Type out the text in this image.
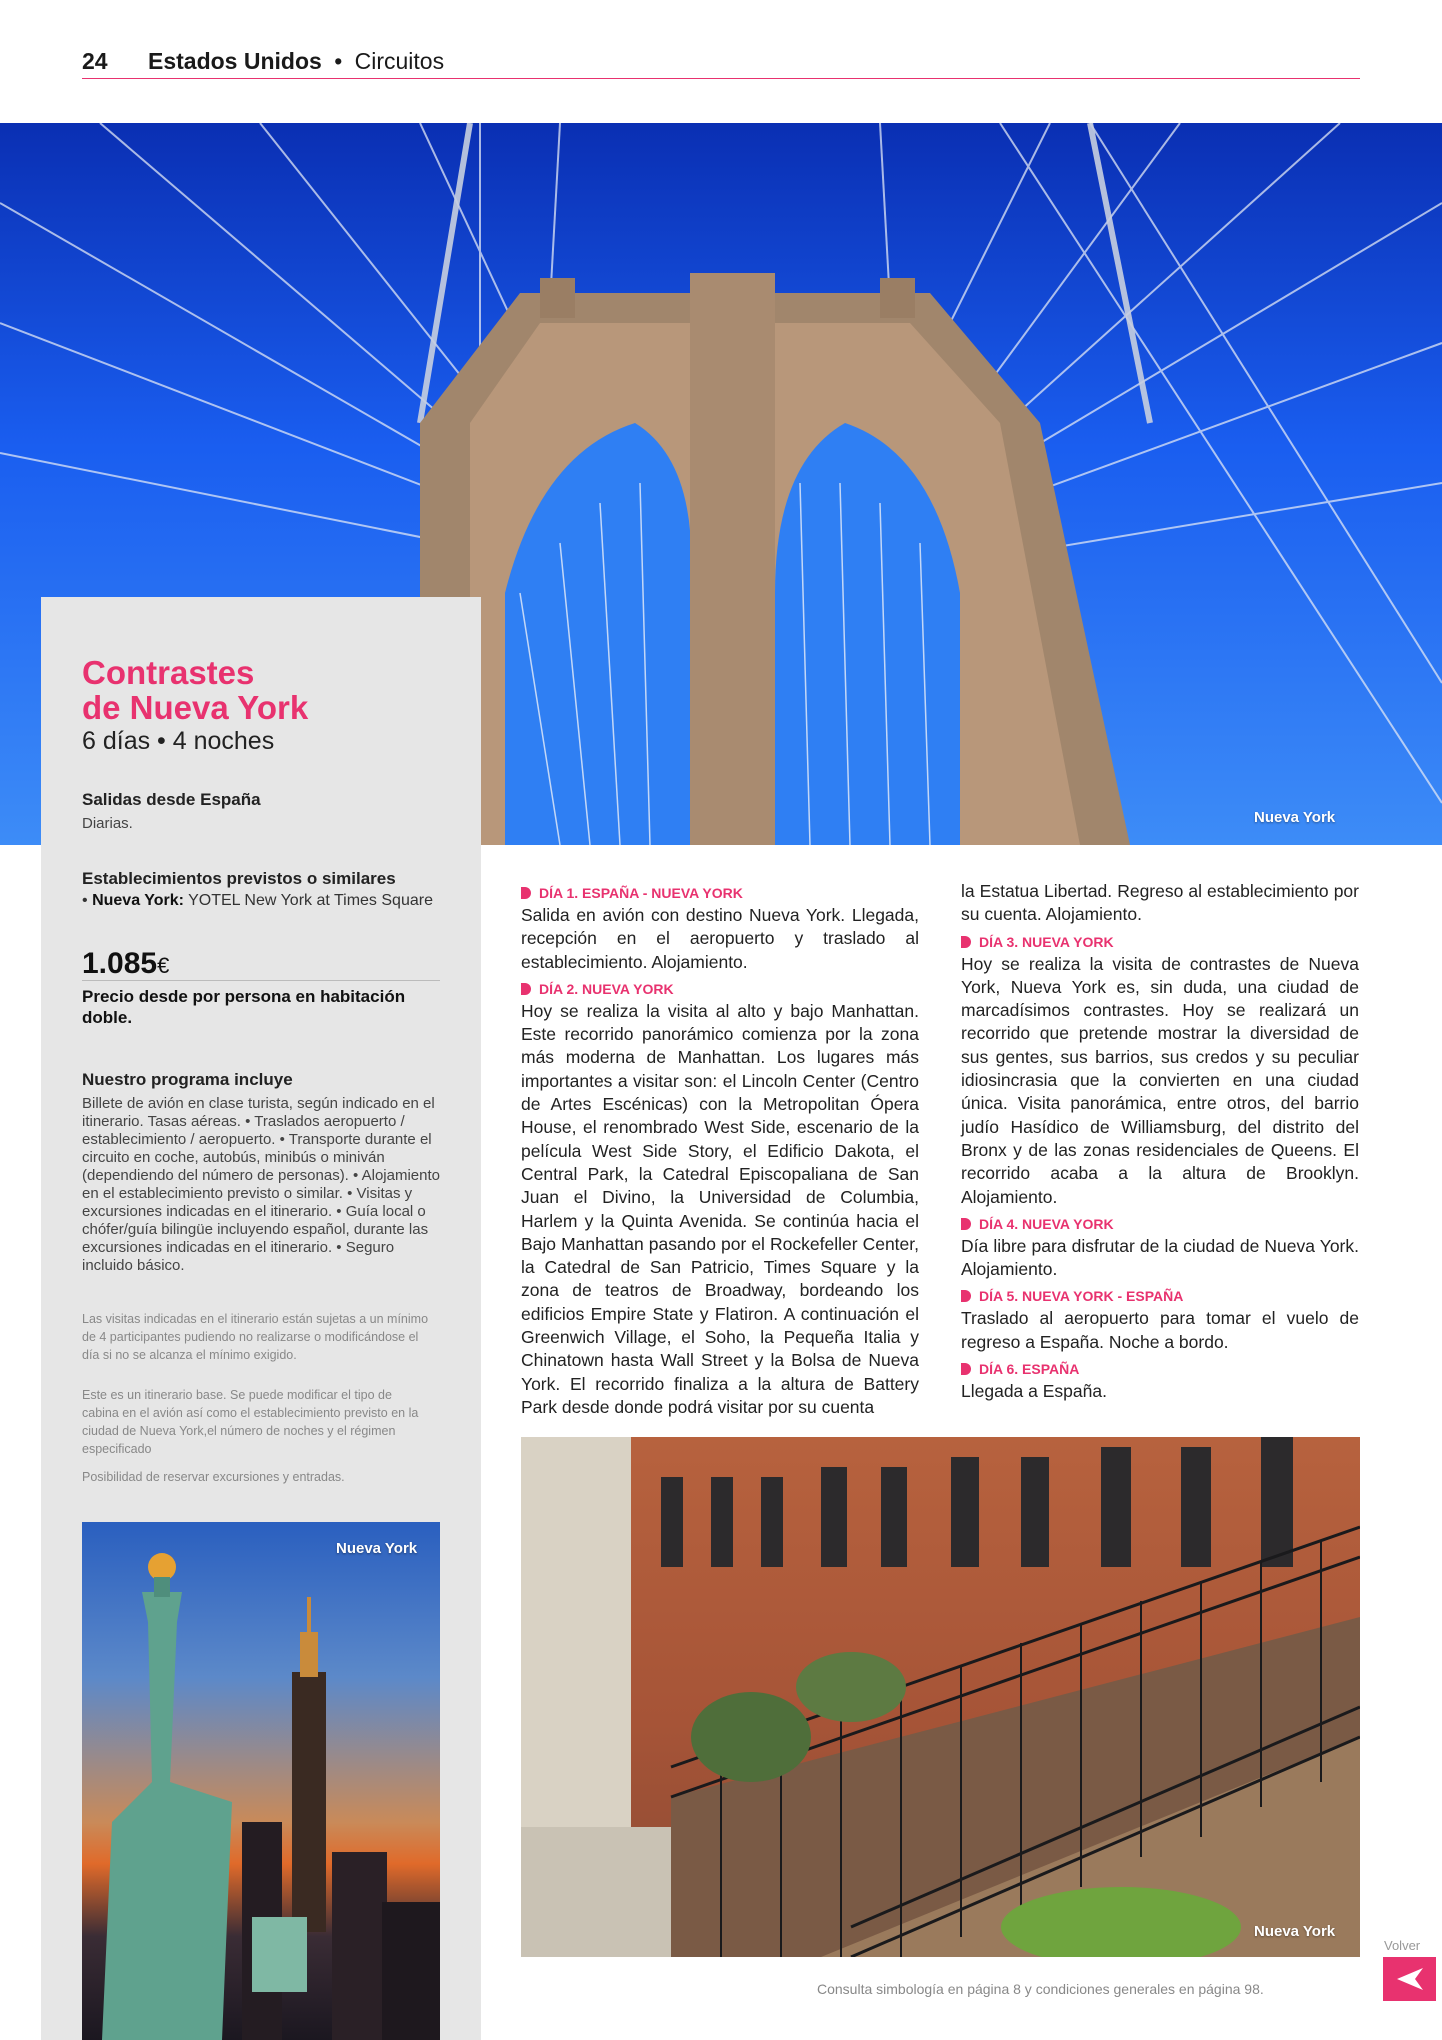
24 Estados Unidos • Circuitos
Nueva York
Contrastes
de Nueva York
6 días • 4 noches
Salidas desde España
Diarias.
Establecimientos previstos o similares
• Nueva York: YOTEL New York at Times Square
1.085€
Precio desde por persona en habitación doble.
Nuestro programa incluye
Billete de avión en clase turista, según indicado en el itinerario. Tasas aéreas. • Traslados aeropuerto / establecimiento / aeropuerto. • Transporte durante el circuito en coche, autobús, minibús o miniván (dependiendo del número de personas). • Alojamiento en el establecimiento previsto o similar. • Visitas y excursiones indicadas en el itinerario. • Guía local o chófer/guía bilingüe incluyendo español, durante las excursiones indicadas en el itinerario. • Seguro incluido básico.
Las visitas indicadas en el itinerario están sujetas a un mínimo de 4 participantes pudiendo no realizarse o modificándose el día si no se alcanza el mínimo exigido.
Este es un itinerario base. Se puede modificar el tipo de cabina en el avión así como el establecimiento previsto en la ciudad de Nueva York,el número de noches y el régimen especificado
Posibilidad de reservar excursiones y entradas.
Nueva York
DÍA 1. ESPAÑA - NUEVA YORK

Salida en avión con destino Nueva York. Llegada, recepción en el aeropuerto y traslado al establecimiento. Alojamiento.

DÍA 2. NUEVA YORK

Hoy se realiza la visita al alto y bajo Manhattan. Este recorrido panorámico comienza por la zona más moderna de Manhattan. Los lugares más importantes a visitar son: el Lincoln Center (Centro de Artes Escénicas) con la Metropolitan Ópera House, el renombrado West Side, escenario de la película West Side Story, el Edificio Dakota, el Central Park, la Catedral Episcopaliana de San Juan el Divino, la Universidad de Columbia, Harlem y la Quinta Avenida. Se continúa hacia el Bajo Manhattan pasando por el Rockefeller Center, la Catedral de San Patricio, Times Square y la zona de teatros de Broadway, bordeando los edificios Empire State y Flatiron. A continuación el Greenwich Village, el Soho, la Pequeña Italia y Chinatown hasta Wall Street y la Bolsa de Nueva York. El recorrido finaliza a la altura de Battery Park desde donde podrá visitar por su cuenta

la Estatua Libertad. Regreso al establecimiento por su cuenta. Alojamiento.

DÍA 3. NUEVA YORK

Hoy se realiza la visita de contrastes de Nueva York, Nueva York es, sin duda, una ciudad de marcadísimos contrastes. Hoy se realizará un recorrido que pretende mostrar la diversidad de sus gentes, sus barrios, sus credos y su peculiar idiosincrasia que la convierten en una ciudad única. Visita panorámica, entre otros, del barrio judío Hasídico de Williamsburg, del distrito del Bronx y de las zonas residenciales de Queens. El recorrido acaba a la altura de Brooklyn. Alojamiento.

DÍA 4. NUEVA YORK

Día libre para disfrutar de la ciudad de Nueva York. Alojamiento.

DÍA 5. NUEVA YORK - ESPAÑA

Traslado al aeropuerto para tomar el vuelo de regreso a España. Noche a bordo.

DÍA 6. ESPAÑA

Llegada a España.

Nueva York
Consulta simbología en página 8 y condiciones generales en página 98.
Volver
